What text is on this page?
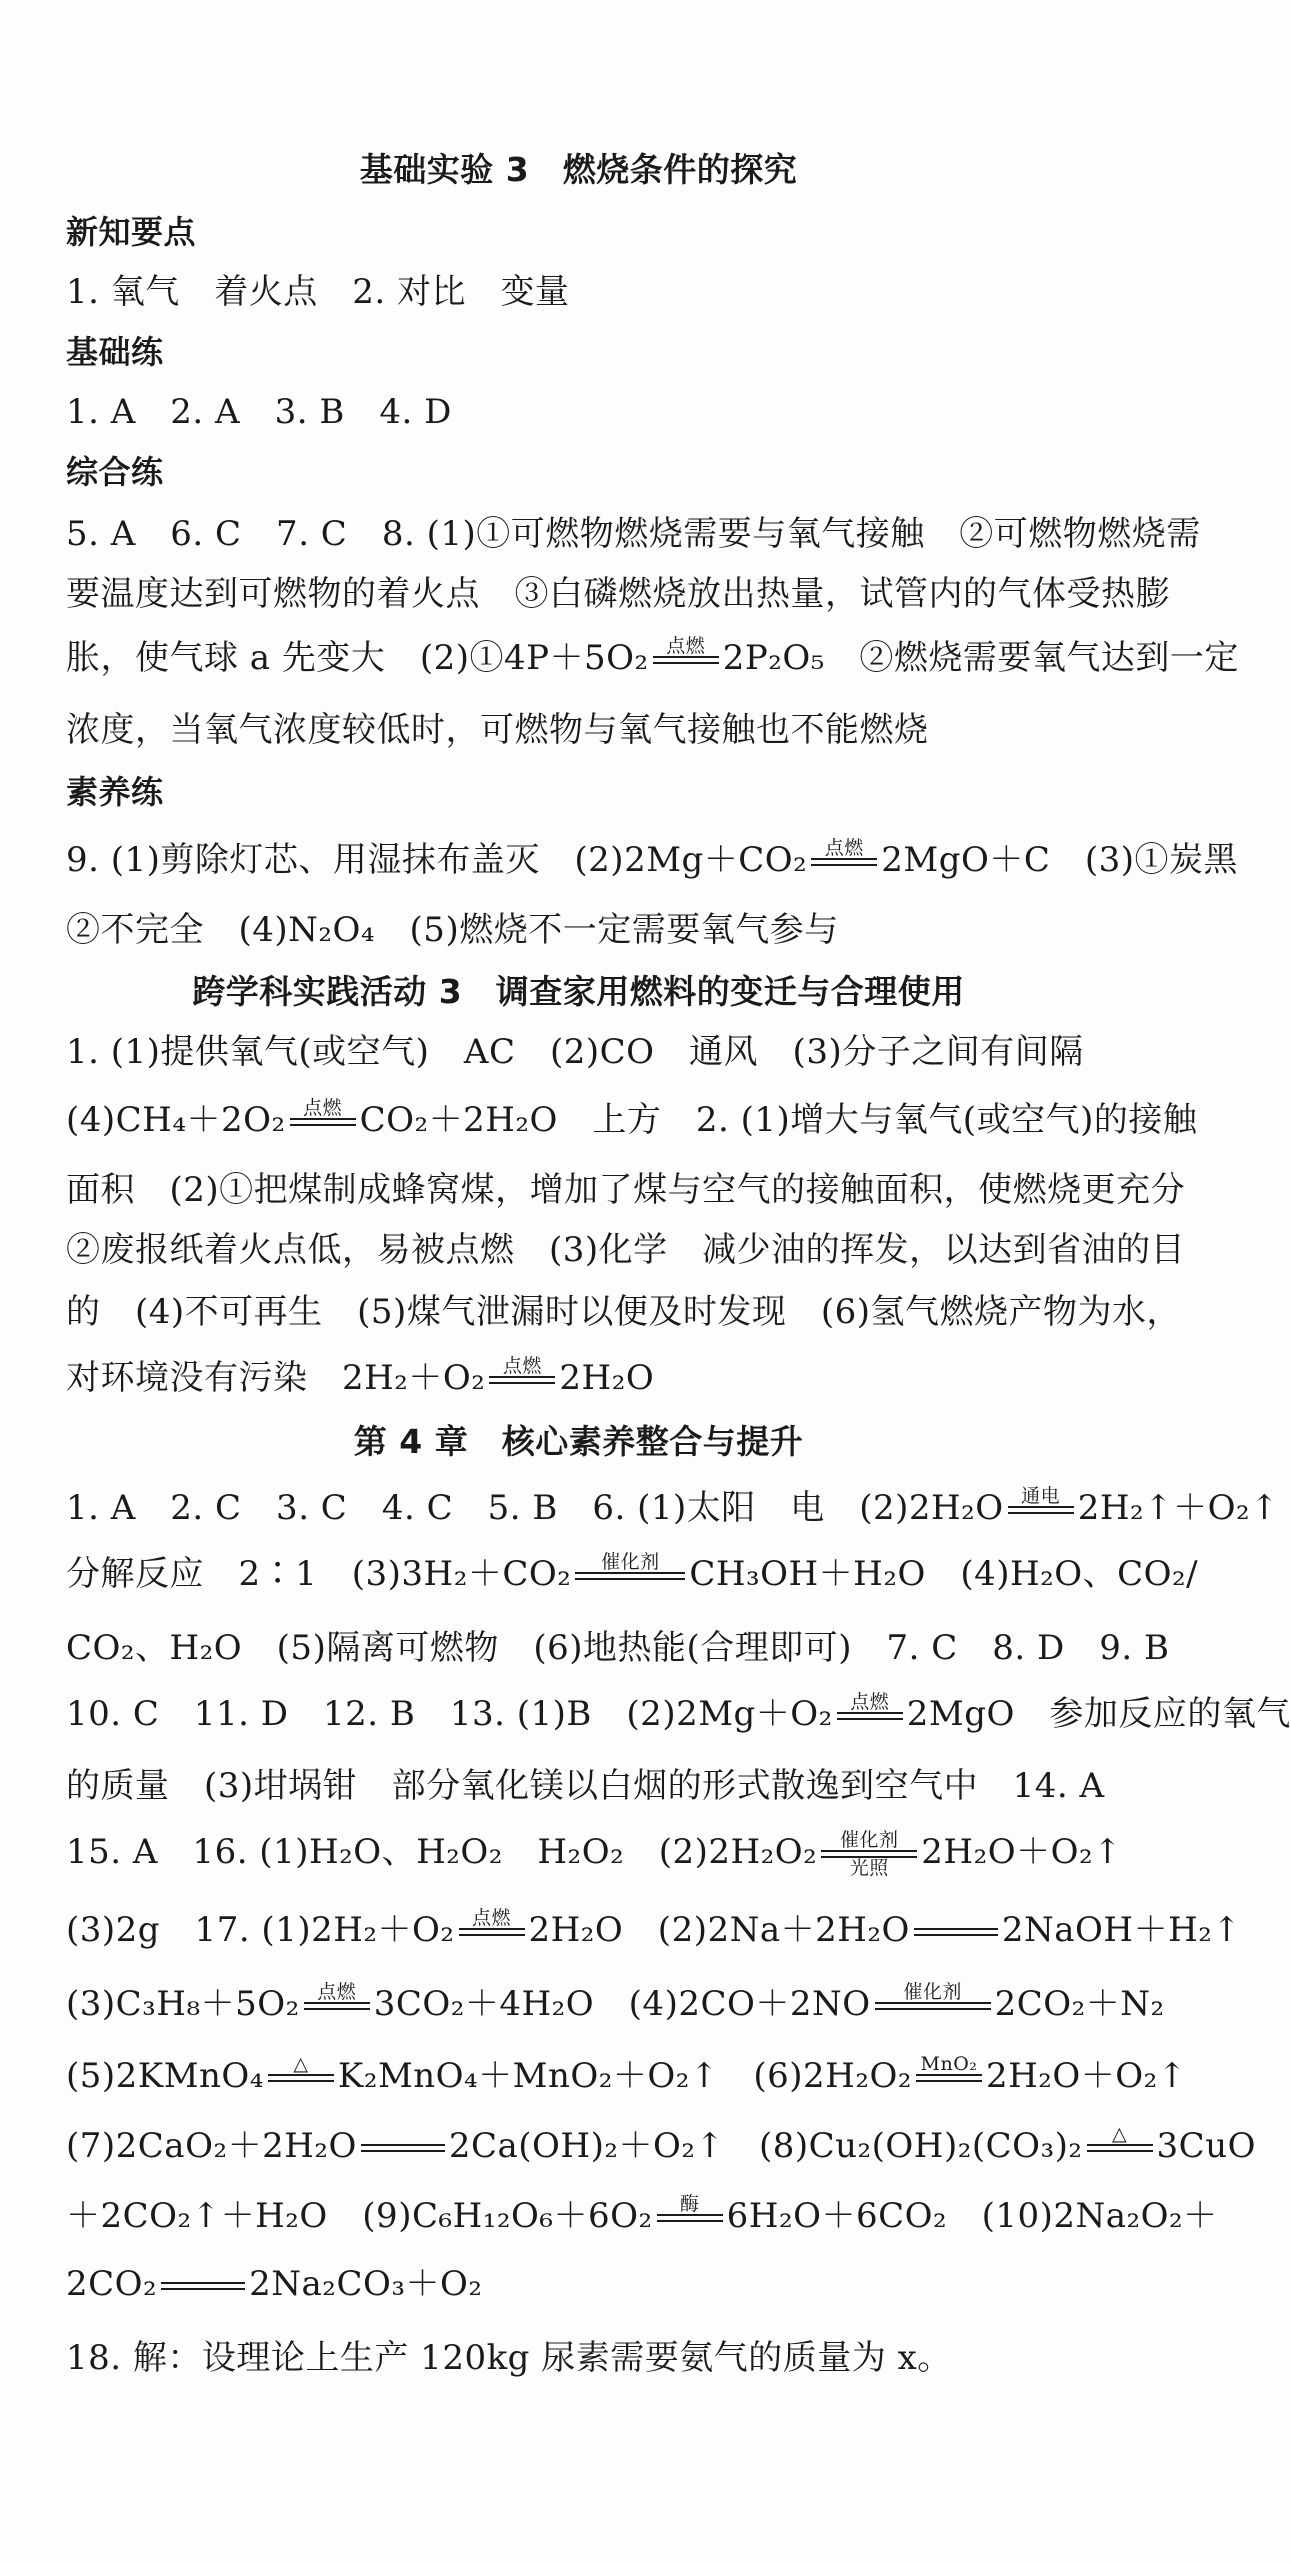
基础实验 3　燃烧条件的探究
新知要点
1. 氧气　着火点　2. 对比　变量
基础练
1. A　2. A　3. B　4. D
综合练
5. A　6. C　7. C　8. (1)①可燃物燃烧需要与氧气接触　②可燃物燃烧需
要温度达到可燃物的着火点　③白磷燃烧放出热量，试管内的气体受热膨
胀，使气球 a 先变大　(2)①4P＋5O₂ 点燃 2P₂O₅　②燃烧需要氧气达到一定
浓度，当氧气浓度较低时，可燃物与氧气接触也不能燃烧
素养练
9. (1)剪除灯芯、用湿抹布盖灭　(2)2Mg＋CO₂ 点燃 2MgO＋C　(3)①炭黑
②不完全　(4)N₂O₄　(5)燃烧不一定需要氧气参与
跨学科实践活动 3　调查家用燃料的变迁与合理使用
1. (1)提供氧气(或空气)　AC　(2)CO　通风　(3)分子之间有间隔
(4)CH₄＋2O₂ 点燃 CO₂＋2H₂O　上方　2. (1)增大与氧气(或空气)的接触
面积　(2)①把煤制成蜂窝煤，增加了煤与空气的接触面积，使燃烧更充分
②废报纸着火点低，易被点燃　(3)化学　减少油的挥发，以达到省油的目
的　(4)不可再生　(5)煤气泄漏时以便及时发现　(6)氢气燃烧产物为水，
对环境没有污染　2H₂＋O₂ 点燃 2H₂O
第 4 章　核心素养整合与提升
1. A　2. C　3. C　4. C　5. B　6. (1)太阳　电　(2)2H₂O 通电 2H₂↑＋O₂↑
分解反应　2∶1　(3)3H₂＋CO₂ 催化剂 CH₃OH＋H₂O　(4)H₂O、CO₂/
CO₂、H₂O　(5)隔离可燃物　(6)地热能(合理即可)　7. C　8. D　9. B
10. C　11. D　12. B　13. (1)B　(2)2Mg＋O₂ 点燃 2MgO　参加反应的氧气
的质量　(3)坩埚钳　部分氧化镁以白烟的形式散逸到空气中　14. A
15. A　16. (1)H₂O、H₂O₂　H₂O₂　(2)2H₂O₂ 催化剂
光照 2H₂O＋O₂↑
(3)2g　17. (1)2H₂＋O₂ 点燃 2H₂O　(2)2Na＋2H₂O	2NaOH＋H₂↑
(3)C₃H₈＋5O₂ 点燃 3CO₂＋4H₂O　(4)2CO＋2NO 催化剂 2CO₂＋N₂
(5)2KMnO₄ △ K₂MnO₄＋MnO₂＋O₂↑　(6)2H₂O₂ MnO₂ 2H₂O＋O₂↑
(7)2CaO₂＋2H₂O	2Ca(OH)₂＋O₂↑　(8)Cu₂(OH)₂(CO₃)₂ △ 3CuO
＋2CO₂↑＋H₂O　(9)C₆H₁₂O₆＋6O₂ 酶 6H₂O＋6CO₂　(10)2Na₂O₂＋
2CO₂	2Na₂CO₃＋O₂
18. 解：设理论上生产 120kg 尿素需要氨气的质量为 x。
